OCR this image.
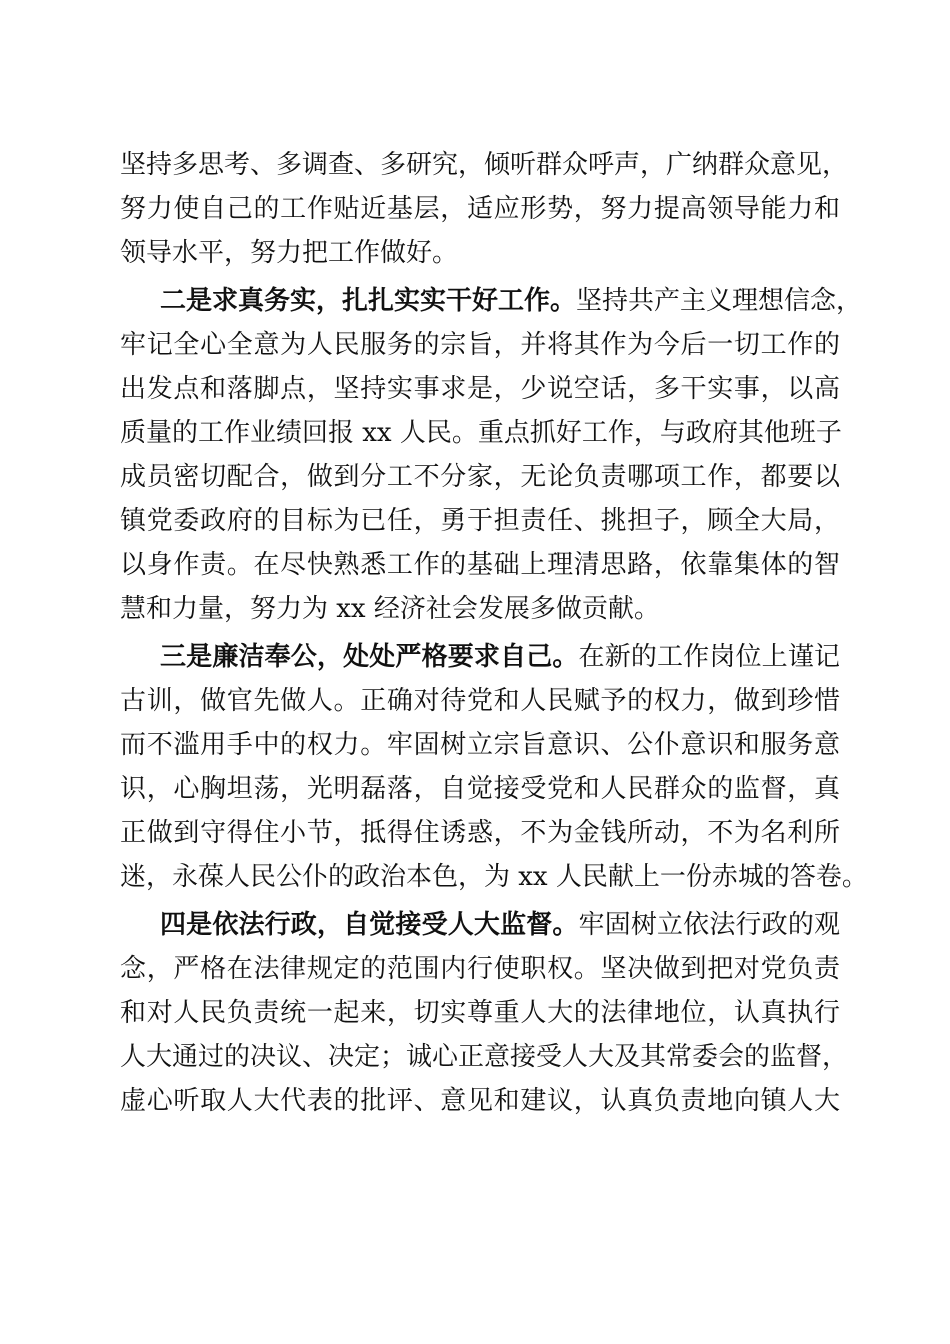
坚持多思考、多调查、多研究，倾听群众呼声，广纳群众意见，

努力使自己的工作贴近基层，适应形势，努力提高领导能力和

领导水平，努力把工作做好。

二是求真务实，扎扎实实干好工作。坚持共产主义理想信念，

牢记全心全意为人民服务的宗旨，并将其作为今后一切工作的

出发点和落脚点，坚持实事求是，少说空话，多干实事，以高

质量的工作业绩回报 xx 人民。重点抓好工作，与政府其他班子

成员密切配合，做到分工不分家，无论负责哪项工作，都要以

镇党委政府的目标为已任，勇于担责任、挑担子，顾全大局，

以身作责。在尽快熟悉工作的基础上理清思路，依靠集体的智

慧和力量，努力为 xx 经济社会发展多做贡献。

三是廉洁奉公，处处严格要求自己。在新的工作岗位上谨记

古训，做官先做人。正确对待党和人民赋予的权力，做到珍惜

而不滥用手中的权力。牢固树立宗旨意识、公仆意识和服务意

识，心胸坦荡，光明磊落，自觉接受党和人民群众的监督，真

正做到守得住小节，抵得住诱惑，不为金钱所动，不为名利所

迷，永葆人民公仆的政治本色，为 xx 人民献上一份赤城的答卷。

四是依法行政，自觉接受人大监督。牢固树立依法行政的观

念，严格在法律规定的范围内行使职权。坚决做到把对党负责

和对人民负责统一起来，切实尊重人大的法律地位，认真执行

人大通过的决议、决定；诚心正意接受人大及其常委会的监督，

虚心听取人大代表的批评、意见和建议，认真负责地向镇人大
